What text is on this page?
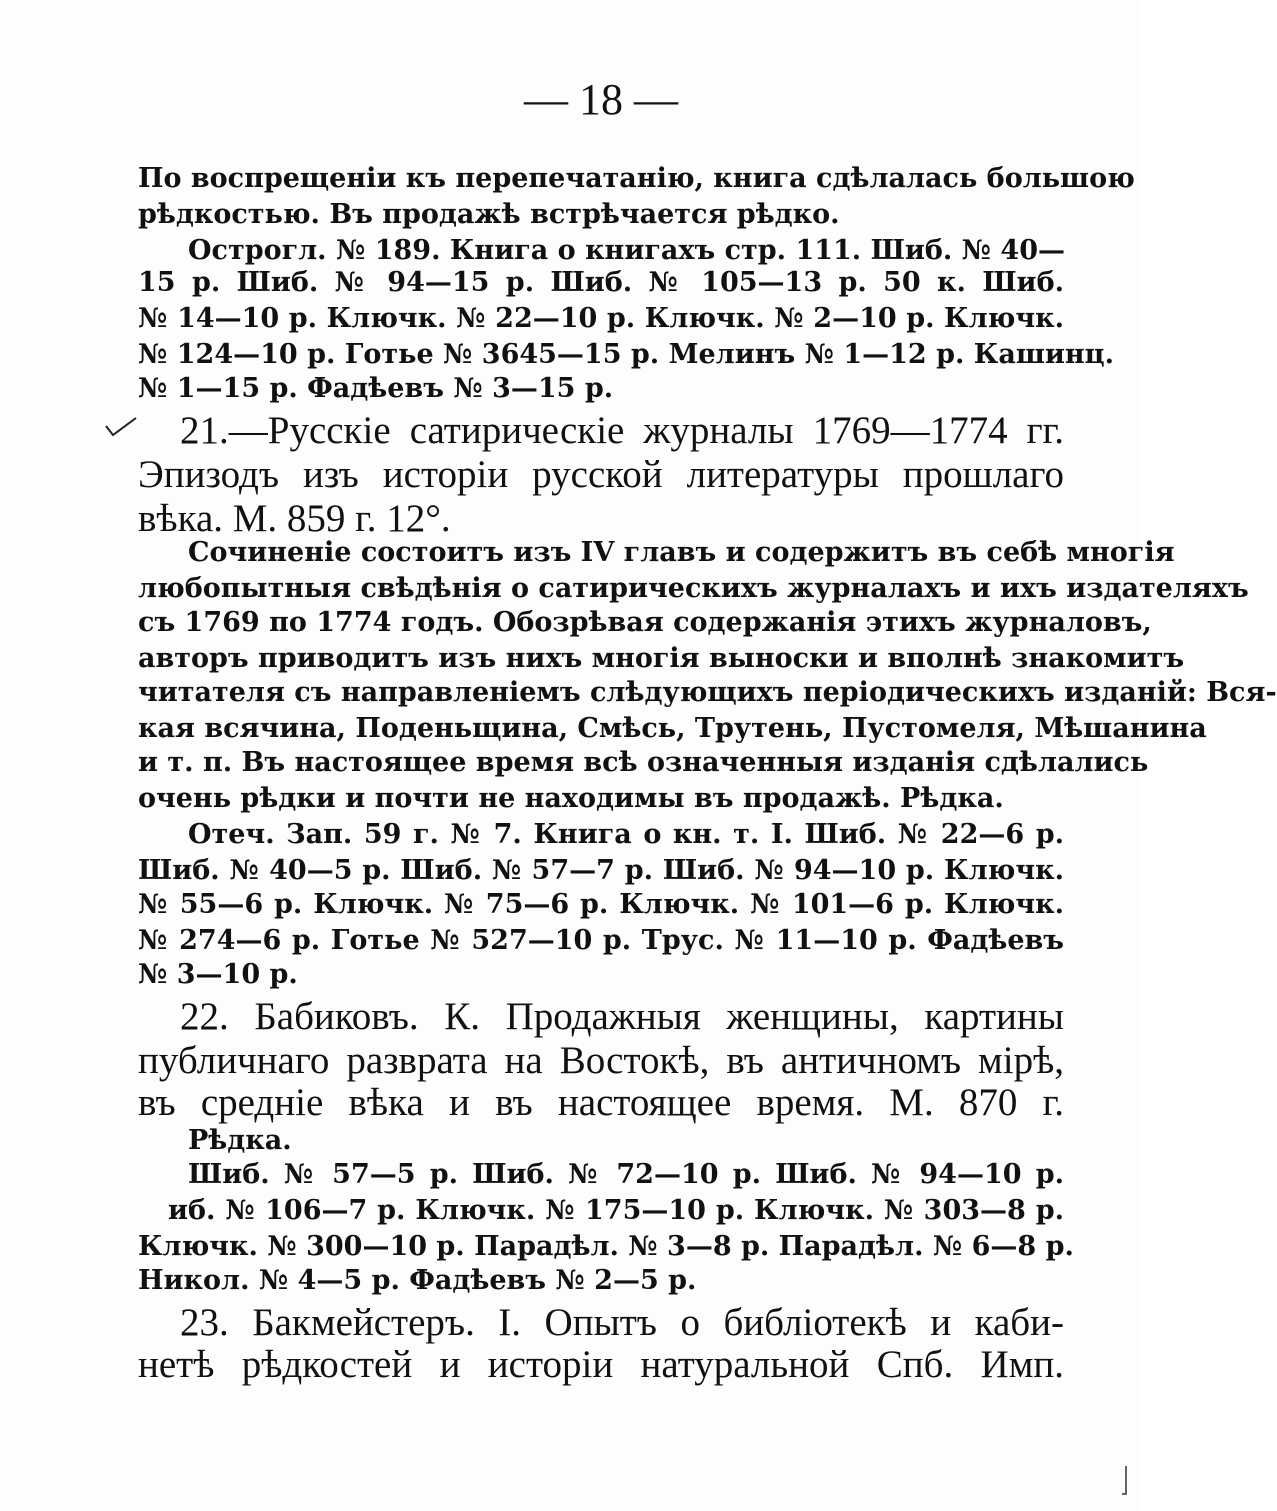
— 18 —
По воспрещеніи къ перепечатанію, книга сдѣлалась большою
рѣдкостью. Въ продажѣ встрѣчается рѣдко.
Острогл. № 189. Книга о книгахъ стр. 111. Шиб. № 40—
15 р. Шиб. № 94—15 р. Шиб. № 105—13 р. 50 к. Шиб.
№ 14—10 р. Ключк. № 22—10 р. Ключк. № 2—10 р. Ключк.
№ 124—10 р. Готье № 3645—15 р. Мелинъ № 1—12 р. Кашинц.
№ 1—15 р. Фадѣевъ № 3—15 р.
21.—Русскіе сатирическіе журналы 1769—1774 гг.
Эпизодъ изъ исторіи русской литературы прошлаго
вѣка. М. 859 г. 12°.
Сочиненіе состоитъ изъ IV главъ и содержитъ въ себѣ многія
любопытныя свѣдѣнія о сатирическихъ журналахъ и ихъ издателяхъ
съ 1769 по 1774 годъ. Обозрѣвая содержанія этихъ журналовъ,
авторъ приводитъ изъ нихъ многія выноски и вполнѣ знакомитъ
читателя съ направленіемъ слѣдующихъ періодическихъ изданій: Вся-
кая всячина, Поденьщина, Смѣсь, Трутень, Пустомеля, Мѣшанина
и т. п. Въ настоящее время всѣ означенныя изданія сдѣлались
очень рѣдки и почти не находимы въ продажѣ. Рѣдка.
Отеч. Зап. 59 г. № 7. Книга о кн. т. I. Шиб. № 22—6 р.
Шиб. № 40—5 р. Шиб. № 57—7 р. Шиб. № 94—10 р. Ключк.
№ 55—6 р. Ключк. № 75—6 р. Ключк. № 101—6 р. Ключк.
№ 274—6 р. Готье № 527—10 р. Трус. № 11—10 р. Фадѣевъ
№ 3—10 р.
22. Бабиковъ. К. Продажныя женщины, картины
публичнаго разврата на Востокѣ, въ античномъ мірѣ,
въ средніе вѣка и въ настоящее время. М. 870 г.
Рѣдка.
Шиб. № 57—5 р. Шиб. № 72—10 р. Шиб. № 94—10 р.
иб. № 106—7 р. Ключк. № 175—10 р. Ключк. № 303—8 р.
Ключк. № 300—10 р. Парадѣл. № 3—8 р. Парадѣл. № 6—8 р.
Никол. № 4—5 р. Фадѣевъ № 2—5 р.
23. Бакмейстеръ. I. Опытъ о библіотекѣ и каби-
нетѣ рѣдкостей и исторіи натуральной Спб. Имп.
